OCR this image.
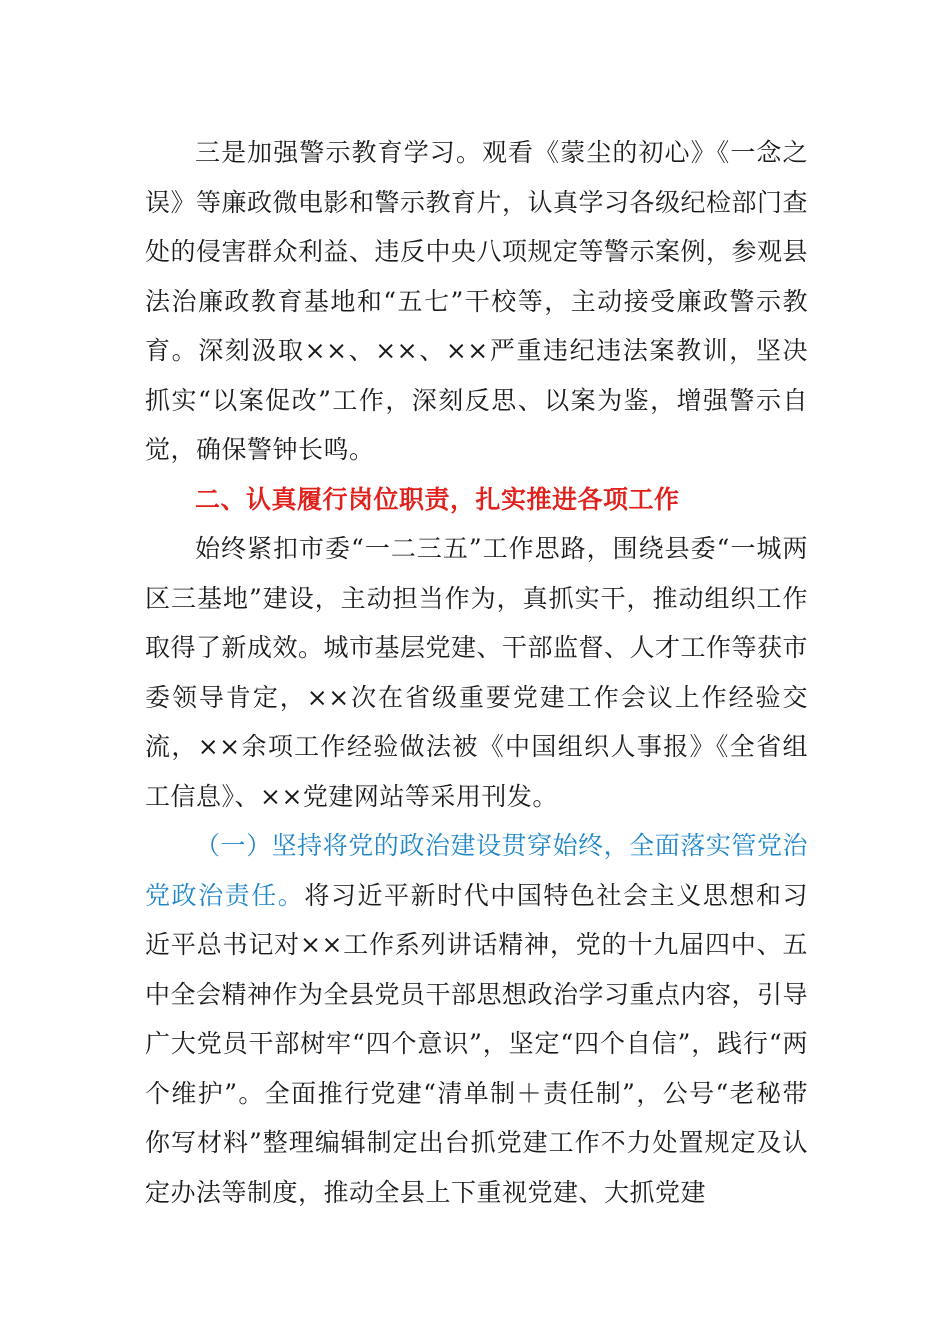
三是加强警示教育学习。观看《蒙尘的初心》《一念之误》等廉政微电影和警示教育片，认真学习各级纪检部门查处的侵害群众利益、违反中央八项规定等警示案例，参观县法治廉政教育基地和“五七”干校等，主动接受廉政警示教育。深刻汲取××、××、××严重违纪违法案教训，坚决抓实“以案促改”工作，深刻反思、以案为鉴，增强警示自觉，确保警钟长鸣。

二、认真履行岗位职责，扎实推进各项工作

始终紧扣市委“一二三五”工作思路，围绕县委“一城两区三基地”建设，主动担当作为，真抓实干，推动组织工作取得了新成效。城市基层党建、干部监督、人才工作等获市委领导肯定，××次在省级重要党建工作会议上作经验交流，××余项工作经验做法被《中国组织人事报》《全省组工信息》、××党建网站等采用刊发。

（一）坚持将党的政治建设贯穿始终，全面落实管党治党政治责任。将习近平新时代中国特色社会主义思想和习近平总书记对××工作系列讲话精神，党的十九届四中、五中全会精神作为全县党员干部思想政治学习重点内容，引导广大党员干部树牢“四个意识”，坚定“四个自信”，践行“两个维护”。全面推行党建“清单制＋责任制”，公号“老秘带你写材料”整理编辑制定出台抓党建工作不力处置规定及认定办法等制度，推动全县上下重视党建、大抓党建
